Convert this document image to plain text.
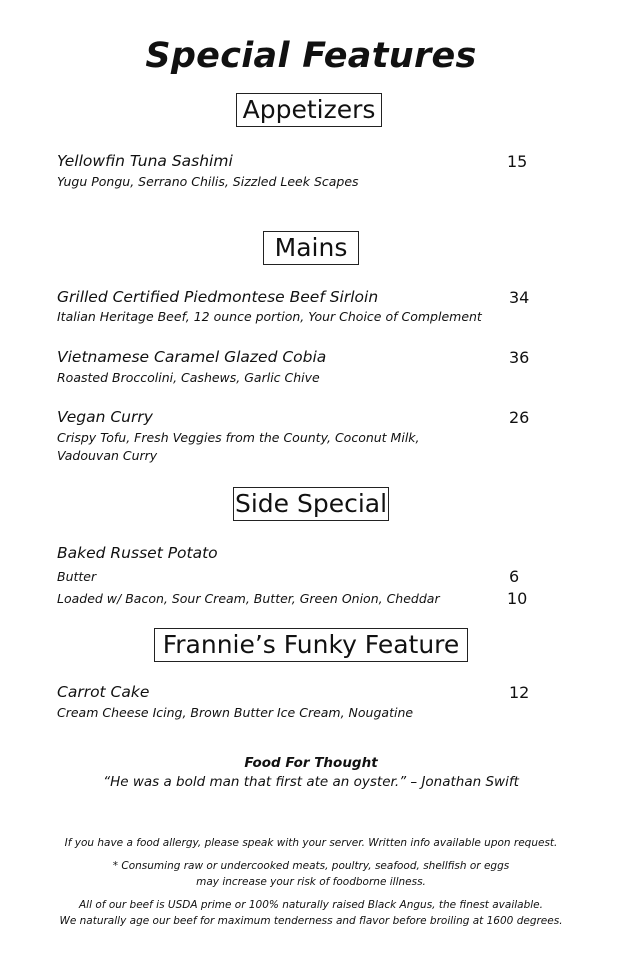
Special Features
Appetizers
Yellowfin Tuna Sashimi	15
Yugu Pongu, Serrano Chilis, Sizzled Leek Scapes
Mains
Grilled Certified Piedmontese Beef Sirloin	34
Italian Heritage Beef, 12 ounce portion, Your Choice of Complement
Vietnamese Caramel Glazed Cobia	36
Roasted Broccolini, Cashews, Garlic Chive
Vegan Curry	26
Crispy Tofu, Fresh Veggies from the County, Coconut Milk,
Vadouvan Curry
Side Special
Baked Russet Potato
Butter	6
Loaded w/ Bacon, Sour Cream, Butter, Green Onion, Cheddar	10
Frannie’s Funky Feature
Carrot Cake	12
Cream Cheese Icing, Brown Butter Ice Cream, Nougatine
Food For Thought
“He was a bold man that first ate an oyster.” – Jonathan Swift
If you have a food allergy, please speak with your server. Written info available upon request.
* Consuming raw or undercooked meats, poultry, seafood, shellfish or eggs
may increase your risk of foodborne illness.
All of our beef is USDA prime or 100% naturally raised Black Angus, the finest available.
We naturally age our beef for maximum tenderness and flavor before broiling at 1600 degrees.
